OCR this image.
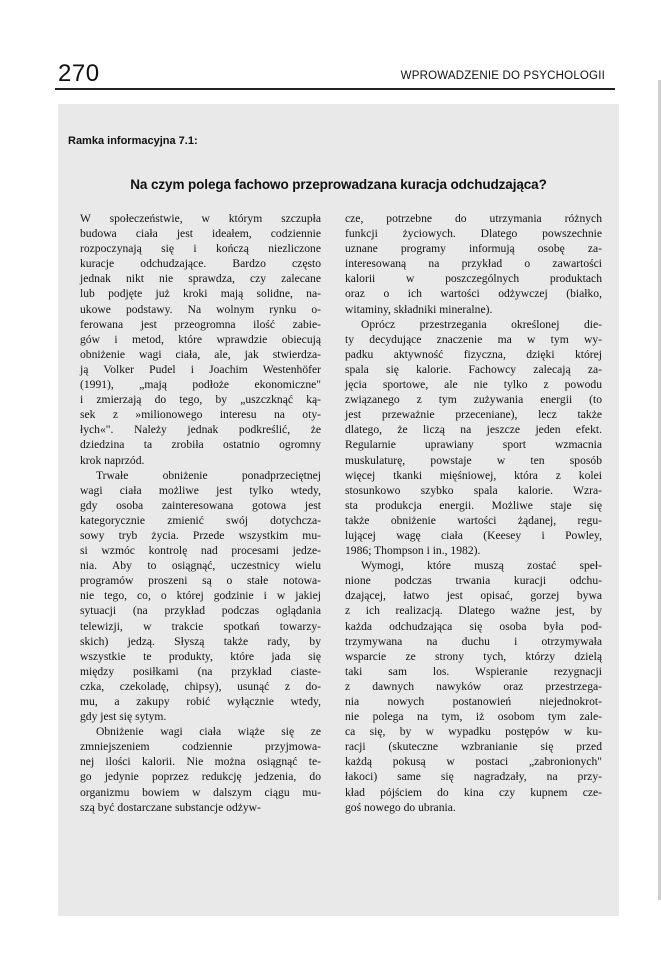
270	WPROWADZENIE DO PSYCHOLOGII
Ramka informacyjna 7.1:
Na czym polega fachowo przeprowadzana kuracja odchudzająca?
W społeczeństwie, w którym szczupła
budowa ciała jest ideałem, codziennie
rozpoczynają się i kończą niezliczone
kuracje odchudzające. Bardzo często
jednak nikt nie sprawdza, czy zalecane
lub podjęte już kroki mają solidne, na-
ukowe podstawy. Na wolnym rynku o-
ferowana jest przeogromna ilość zabie-
gów i metod, które wprawdzie obiecują
obniżenie wagi ciała, ale, jak stwierdza-
ją Volker Pudel i Joachim Westenhöfer
(1991), „mają podłoże ekonomiczne"
i zmierzają do tego, by „uszczknąć ką-
sek z »milionowego interesu na oty-
łych«". Należy jednak podkreślić, że
dziedzina ta zrobiła ostatnio ogromny
krok naprzód.
Trwałe obniżenie ponadprzeciętnej
wagi ciała możliwe jest tylko wtedy,
gdy osoba zainteresowana gotowa jest
kategorycznie zmienić swój dotychcza-
sowy tryb życia. Przede wszystkim mu-
si wzmóc kontrolę nad procesami jedze-
nia. Aby to osiągnąć, uczestnicy wielu
programów proszeni są o stałe notowa-
nie tego, co, o której godzinie i w jakiej
sytuacji (na przykład podczas oglądania
telewizji, w trakcie spotkań towarzy-
skich) jedzą. Słyszą także rady, by
wszystkie te produkty, które jada się
między posiłkami (na przykład ciaste-
czka, czekoladę, chipsy), usunąć z do-
mu, a zakupy robić wyłącznie wtedy,
gdy jest się sytym.
Obniżenie wagi ciała wiąże się ze
zmniejszeniem codziennie przyjmowa-
nej ilości kalorii. Nie można osiągnąć te-
go jedynie poprzez redukcję jedzenia, do
organizmu bowiem w dalszym ciągu mu-
szą być dostarczane substancje odżyw-
cze, potrzebne do utrzymania różnych
funkcji życiowych. Dlatego powszechnie
uznane programy informują osobę za-
interesowaną na przykład o zawartości
kalorii w poszczególnych produktach
oraz o ich wartości odżywczej (białko,
witaminy, składniki mineralne).
Oprócz przestrzegania określonej die-
ty decydujące znaczenie ma w tym wy-
padku aktywność fizyczna, dzięki której
spala się kalorie. Fachowcy zalecają za-
jęcia sportowe, ale nie tylko z powodu
związanego z tym zużywania energii (to
jest przeważnie przeceniane), lecz także
dlatego, że liczą na jeszcze jeden efekt.
Regularnie uprawiany sport wzmacnia
muskulaturę, powstaje w ten sposób
więcej tkanki mięśniowej, która z kolei
stosunkowo szybko spala kalorie. Wzra-
sta produkcja energii. Możliwe staje się
także obniżenie wartości żądanej, regu-
lującej wagę ciała (Keesey i Powley,
1986; Thompson i in., 1982).
Wymogi, które muszą zostać speł-
nione podczas trwania kuracji odchu-
dzającej, łatwo jest opisać, gorzej bywa
z ich realizacją. Dlatego ważne jest, by
każda odchudzająca się osoba była pod-
trzymywana na duchu i otrzymywała
wsparcie ze strony tych, którzy dzielą
taki sam los. Wspieranie rezygnacji
z dawnych nawyków oraz przestrzega-
nia nowych postanowień niejednokrot-
nie polega na tym, iż osobom tym zale-
ca się, by w wypadku postępów w ku-
racji (skuteczne wzbranianie się przed
każdą pokusą w postaci „zabronionych"
łakoci) same się nagradzały, na przy-
kład pójściem do kina czy kupnem cze-
goś nowego do ubrania.
